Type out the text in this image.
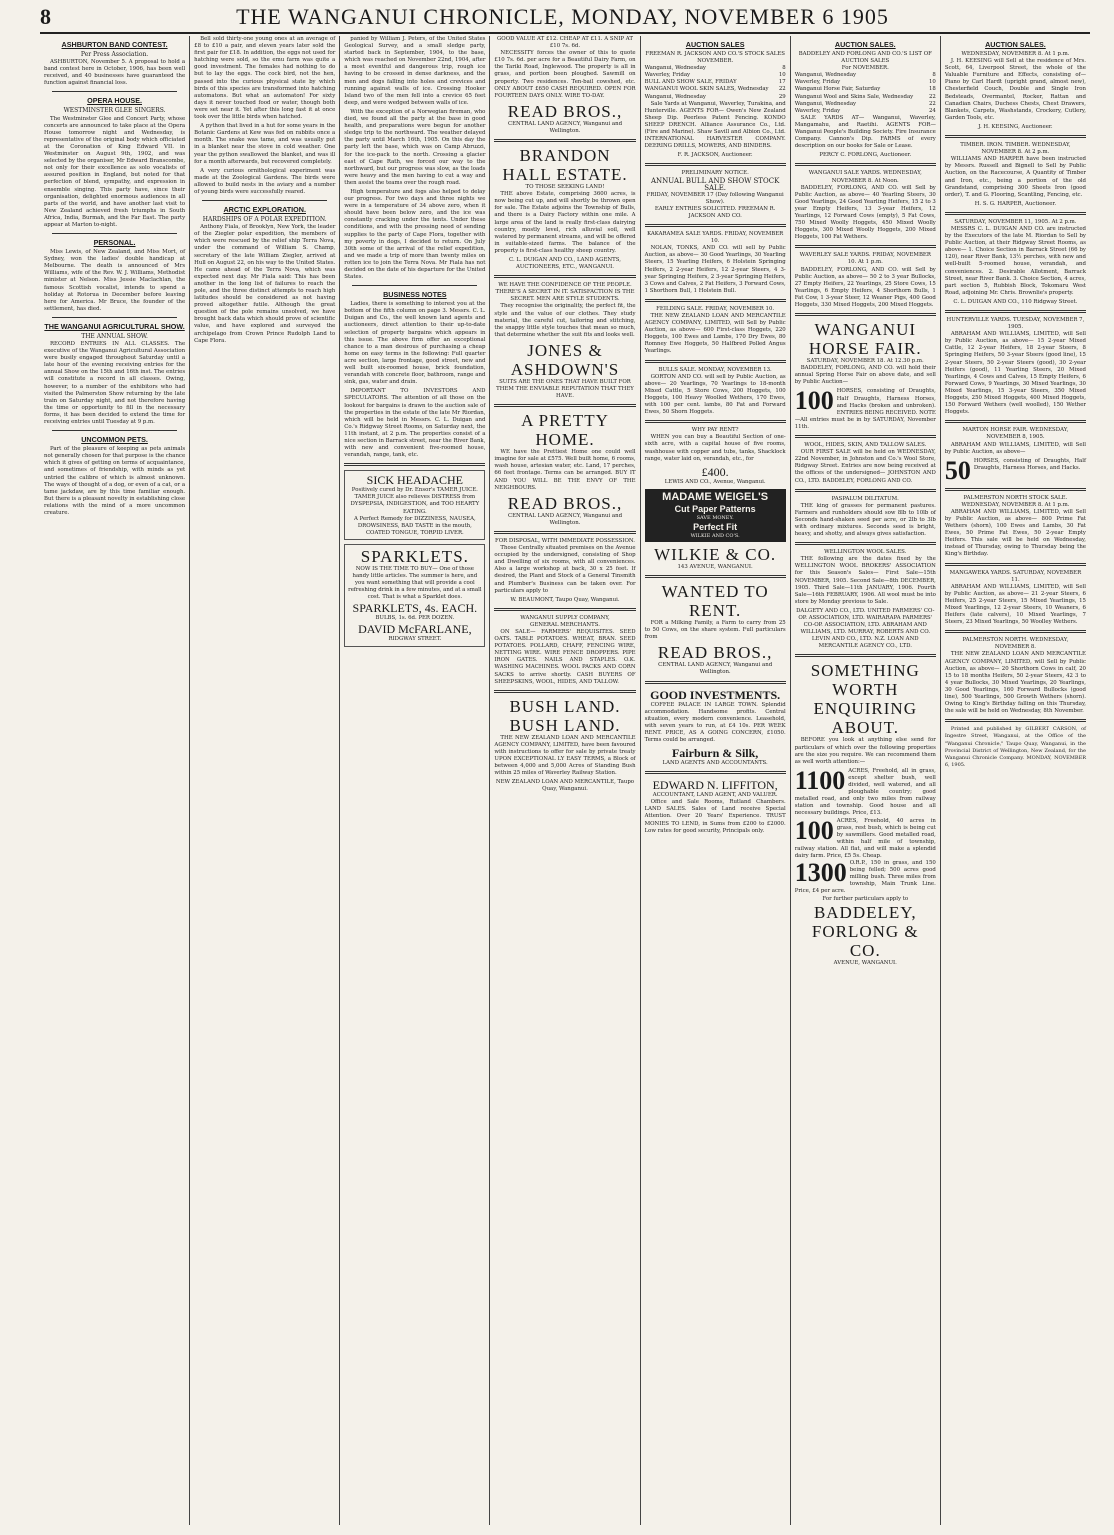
8	THE WANGANUI CHRONICLE, MONDAY, NOVEMBER 6 1905
ASHBURTON BAND CONTEST.
Per Press Association.

ASHBURTON, November 5. A proposal to hold a band contest here in October, 1906, has been well received, and 40 businesses have guaranteed the function against financial loss.

OPERA HOUSE.
WESTMINSTER GLEE SINGERS.

The Westminster Glee and Concert Party, whose concerts are announced to take place at the Opera House tomorrow night and Wednesday, is representative of the original body which officiated at the Coronation of King Edward VII. in Westminster on August 9th, 1902, and was selected by the organiser, Mr Edward Branscombe, not only for their excellence as solo vocalists of assured position in England, but noted for that perfection of blend, sympathy, and expression in ensemble singing. This party have, since their organisation, delighted enormous audiences in all parts of the world, and have another last visit to New Zealand achieved fresh triumphs in South Africa, India, Burmah, and the Far East. The party appear at Marton to-night.

PERSONAL.

Miss Lewis, of New Zealand, and Miss Mort, of Sydney, won the ladies' double handicap at Melbourne. The death is announced of Mrs Williams, wife of the Rev. W. J. Williams, Methodist minister at Nelson. Miss Jessie Maclachlan, the famous Scottish vocalist, intends to spend a holiday at Rotorua in December before leaving here for America. Mr Bruce, the founder of the settlement, has died.

THE WANGANUI AGRICULTURAL SHOW.
THE ANNUAL SHOW.

RECORD ENTRIES IN ALL CLASSES. The executive of the Wanganui Agricultural Association were busily engaged throughout Saturday until a late hour of the evening receiving entries for the annual Show on the 15th and 16th inst. The entries will constitute a record in all classes. Owing, however, to a number of the exhibitors who had visited the Palmerston Show returning by the late train on Saturday night, and not therefore having the time or opportunity to fill in the necessary forms, it has been decided to extend the time for receiving entries until Tuesday at 9 p.m.

UNCOMMON PETS.

Part of the pleasure of keeping as pets animals not generally chosen for that purpose is the chance which it gives of getting on terms of acquaintance, and sometimes of friendship, with minds as yet untried the calibre of which is almost unknown. The ways of thought of a dog, or even of a cat, or a tame jackdaw, are by this time familiar enough. But there is a pleasant novelty in establishing close relations with the mind of a more uncommon creature.

Bell sold thirty-one young ones at an average of £8 to £10 a pair, and eleven years later sold the first pair for £18. In addition, the eggs not used for hatching were sold, so the emu farm was quite a good investment. The females had nothing to do but to lay the eggs. The cock bird, not the hen, passed into the curious physical state by which birds of this species are transformed into hatching automatons. But what an automaton! For sixty days it never touched food or water, though both were set near it. Yet after this long fast it at once took over the little birds when hatched.

A python that lived in a hut for some years in the Botanic Gardens at Kew was fed on rabbits once a month. The snake was tame, and was usually put in a blanket near the stove in cold weather. One year the python swallowed the blanket, and was ill for a month afterwards, but recovered completely.

A very curious ornithological experiment was made at the Zoological Gardens. The birds were allowed to build nests in the aviary and a number of young birds were successfully reared.

ARCTIC EXPLORATION.
HARDSHIPS OF A POLAR EXPEDITION.

Anthony Fiala, of Brooklyn, New York, the leader of the Ziegler polar expedition, the members of which were rescued by the relief ship Terra Nova, under the command of William S. Champ, secretary of the late William Ziegler, arrived at Hull on August 22, on his way to the United States. He came ahead of the Terra Nova, which was expected next day. Mr Fiala said: This has been another in the long list of failures to reach the pole, and the three distinct attempts to reach high latitudes should be considered as not having proved altogether futile. Although the great question of the pole remains unsolved, we have brought back data which should prove of scientific value, and have explored and surveyed the archipelago from Crown Prince Rudolph Land to Cape Flora.

panied by William J. Peters, of the United States Geological Survey, and a small sledge party, started back in September, 1904, to the base, which was reached on November 22nd, 1904, after a most eventful and dangerous trip, rough ice having to be crossed in dense darkness, and the men and dogs falling into holes and crevices and running against walls of ice. Crossing Hooker Island two of the men fell into a crevice 65 feet deep, and were wedged between walls of ice.

With the exception of a Norwegian fireman, who died, we found all the party at the base in good health, and preparations were begun for another sledge trip to the northward. The weather delayed the party until March 16th, 1905. On this day the party left the base, which was on Camp Abruzzi, for the ice-pack to the north. Crossing a glacier east of Cape Rath, we forced our way to the northward, but our progress was slow, as the loads were heavy and the men having to cut a way and then assist the teams over the rough road.

High temperature and fogs also helped to delay our progress. For two days and three nights we were in a temperature of 34 above zero, when it should have been below zero, and the ice was constantly cracking under the tents. Under these conditions, and with the pressing need of sending supplies to the party of Cape Flora, together with my poverty in dogs, I decided to return. On July 30th some of the arrival of the relief expedition, and we made a trip of more than twenty miles on rotten ice to join the Terra Nova. Mr Fiala has not decided on the date of his departure for the United States.

BUSINESS NOTES

Ladies, there is something to interest you at the bottom of the fifth column on page 3. Messrs. C. L. Duigan and Co., the well known land agents and auctioneers, direct attention to their up-to-date selection of property bargains which appears in this issue. The above firm offer an exceptional chance to a man desirous of purchasing a cheap home on easy terms in the following: Full quarter acre section, large frontage, good street, new and well built six-roomed house, brick foundation, verandah with concrete floor, bathroom, range and sink, gas, water and drain.

IMPORTANT TO INVESTORS AND SPECULATORS. The attention of all those on the lookout for bargains is drawn to the auction sale of the properties in the estate of the late Mr Riordan, which will be held in Messrs. C. L. Duigan and Co.'s Ridgway Street Rooms, on Saturday next, the 11th instant, at 2 p.m. The properties consist of a nice section in Barrack street, near the River Bank, with new and convenient five-roomed house, verandah, range, tank, etc.

SICK HEADACHE
Positively cured by Dr. Ensor's TAMER JUICE. TAMER JUICE also relieves DISTRESS from DYSPEPSIA, INDIGESTION, and TOO HEARTY EATING.
A Perfect Remedy for DIZZINESS, NAUSEA, DROWSINESS, BAD TASTE in the mouth, COATED TONGUE, TORPID LIVER.
SPARKLETS.
NOW IS THE TIME TO BUY— One of those handy little articles. The summer is here, and you want something that will provide a cool refreshing drink in a few minutes, and at a small cost. That is what a Sparklet does.
SPARKLETS, 4s. EACH.
BULBS, 1s. 6d. PER DOZEN.
DAVID McFARLANE,
RIDGWAY STREET.
GOOD VALUE AT £12. CHEAP AT £11. A SNIP AT £10 7s. 6d.

NECESSITY forces the owner of this to quote £10 7s. 6d. per acre for a Beautiful Dairy Farm, on the Tariki Road, Inglewood. The property is all in grass, and portion been ploughed. Sawmill on property. Two residences. Ten-bail cowshed, etc. ONLY ABOUT £650 CASH REQUIRED. OPEN FOR FOURTEEN DAYS ONLY. WIRE TO-DAY.

READ BROS.,
CENTRAL LAND AGENCY, Wanganui and Wellington.
BRANDON HALL ESTATE.
TO THOSE SEEKING LAND!

THE above Estate, comprising 3600 acres, is now being cut up, and will shortly be thrown open for sale. The Estate adjoins the Township of Bulls, and there is a Dairy Factory within one mile. A large area of the land is really first-class dairying country, mostly level, rich alluvial soil, well watered by permanent streams, and will be offered in suitable-sized farms. The balance of the property is first-class healthy sheep country.

C. L. DUIGAN AND CO., LAND AGENTS, AUCTIONEERS, ETC., WANGANUI.
WE HAVE THE CONFIDENCE OF THE PEOPLE.
THERE'S A SECRET IN IT. SATISFACTION IS THE SECRET. MEN ARE STYLE STUDENTS.

They recognise the originality, the perfect fit, the style and the value of our clothes. They study material, the careful cut, tailoring and stitching, the snappy little style touches that mean so much, that determine whether the suit fits and looks well.

JONES & ASHDOWN'S
SUITS ARE THE ONES THAT HAVE BUILT FOR THEM THE ENVIABLE REPUTATION THAT THEY HAVE.
A PRETTY HOME.

WE have the Prettiest Home one could well imagine for sale at £575. Well built home, 6 rooms, wash house, artesian water, etc. Land, 17 perches, 66 feet frontage. Terms can be arranged. BUY IT AND YOU WILL BE THE ENVY OF THE NEIGHBOURS.

READ BROS.,
CENTRAL LAND AGENCY, Wanganui and Wellington.
FOR DISPOSAL, WITH IMMEDIATE POSSESSION.

Those Centrally situated premises on the Avenue occupied by the undersigned, consisting of Shop and Dwelling of six rooms, with all conveniences. Also a large workshop at back, 30 x 25 feet. If desired, the Plant and Stock of a General Tinsmith and Plumber's Business can be taken over. For particulars apply to

W. BEAUMONT, Taupo Quay, Wanganui.
WANGANUI SUPPLY COMPANY,
GENERAL MERCHANTS.

ON SALE— FARMERS' REQUISITES. SEED OATS. TABLE POTATOES. WHEAT, BRAN. SEED POTATOES. POLLARD, CHAFF, FENCING WIRE, NETTING WIRE. WIRE FENCE DROPPERS. PIPE IRON GATES. NAILS AND STAPLES. O.K. WASHING MACHINES. WOOL PACKS AND CORN SACKS to arrive shortly. CASH BUYERS OF SHEEPSKINS, WOOL, HIDES, AND TALLOW.

BUSH LAND. BUSH LAND.

THE NEW ZEALAND LOAN AND MERCANTILE AGENCY COMPANY, LIMITED, have been favoured with instructions to offer for sale by private treaty UPON EXCEPTIONAL LY EASY TERMS, a Block of between 4,000 and 5,000 Acres of Standing Bush within 25 miles of Waverley Railway Station.

NEW ZEALAND LOAN AND MERCANTILE, Taupo Quay, Wanganui.
AUCTION SALES
FREEMAN R. JACKSON AND CO.'S STOCK SALES
NOVEMBER.
Wanganui, Wednesday	8
Waverley, Friday	10
BULL AND SHOW SALE, FRIDAY	17
WANGANUI WOOL SKIN SALES, Wednesday 22
Wanganui, Wednesday	29

Sale Yards at Wanganui, Waverley, Turakina, and Hunterville. AGENTS FOR— Owen's New Zealand Sheep Dip. Peerless Patent Fencing. KONDO SHEEP DRENCH. Alliance Assurance Co., Ltd. (Fire and Marine). Shaw Savill and Albion Co., Ltd. INTERNATIONAL HARVESTER COMPANY. DEERING DRILLS, MOWERS, AND BINDERS.

F. R. JACKSON, Auctioneer.
PRELIMINARY NOTICE.
ANNUAL BULL AND SHOW STOCK SALE.
FRIDAY, NOVEMBER 17 (Day following Wanganui Show).
EARLY ENTRIES SOLICITED. FREEMAN R. JACKSON AND CO.
KAKARAMEA SALE YARDS. FRIDAY, NOVEMBER 10.

NOLAN, TONKS, AND CO. will sell by Public Auction, as above— 30 Good Yearlings, 30 Yearling Steers, 15 Yearling Heifers, 6 Holstein Springing Heifers, 2 2-year Heifers, 12 2-year Steers, 4 3-year Springing Heifers, 2 3-year Springing Heifers, 3 Cows and Calves, 2 Fat Heifers, 3 Forward Cows, 1 Shorthorn Bull, 1 Holstein Bull.

FEILDING SALE. FRIDAY, NOVEMBER 10.

THE NEW ZEALAND LOAN AND MERCANTILE AGENCY COMPANY, LIMITED, will Sell by Public Auction, as above— 600 First-class Hoggets, 220 Hoggets, 100 Ewes and Lambs, 170 Dry Ewes, 80 Romney Ewe Hoggets, 50 Halfbred Polled Angus Yearlings.

BULLS SALE. MONDAY, NOVEMBER 13.

GORTON AND CO. will sell by Public Auction, as above— 20 Yearlings, 70 Yearlings to 18-month Mixed Cattle, 5 Store Cows, 200 Hoggets, 100 Hoggets, 100 Heavy Woolled Wethers, 170 Ewes, with 100 per cent. lambs, 80 Fat and Forward Ewes, 50 Shorn Hoggets.

WHY PAY RENT?

WHEN you can buy a Beautiful Section of one-sixth acre, with a capital house of five rooms, washhouse with copper and tubs, tanks, Shacklock range, water laid on, verandah, etc., for

£400.
LEWIS AND CO., Avenue, Wanganui.
MADAME WEIGEL'S
Cut Paper Patterns
SAVE MONEY.
Perfect Fit
WILKIE AND CO'S.
WILKIE & CO.
143 AVENUE, WANGANUI.
WANTED TO RENT.

FOR a Milking Family, a Farm to carry from 25 to 50 Cows, on the share system. Full particulars from

READ BROS.,
CENTRAL LAND AGENCY, Wanganui and Wellington.
GOOD INVESTMENTS.

COFFEE PALACE IN LARGE TOWN. Splendid accommodation. Handsome profits. Central situation, every modern convenience. Leasehold, with seven years to run, at £4 10s. PER WEEK RENT. PRICE, AS A GOING CONCERN, £1050. Terms could be arranged.

Fairburn & Silk,
LAND AGENTS AND ACCOUNTANTS.
EDWARD N. LIFFITON,
ACCOUNTANT, LAND AGENT, AND VALUER.

Office and Sale Rooms, Rutland Chambers. LAND SALES. Sales of Land receive Special Attention. Over 20 Years' Experience. TRUST MONIES TO LEND, in Sums from £200 to £2000. Low rates for good security, Principals only.

AUCTION SALES.
BADDELEY AND FORLONG AND CO.'S LIST OF AUCTION SALES
For NOVEMBER.
Wanganui, Wednesday	8
Waverley, Friday	10
Wanganui Horse Fair, Saturday	18
Wanganui Wool and Skins Sale, Wednesday	22
Wanganui, Wednesday	22
Waverley, Friday	24

SALE YARDS AT— Wanganui, Waverley, Mangamahu, and Raetihi. AGENTS FOR— Wanganui People's Building Society. Fire Insurance Company. Cannon's Dip. FARMS of every description on our books for Sale or Lease.

PERCY C. FORLONG, Auctioneer.
WANGANUI SALE YARDS. WEDNESDAY, NOVEMBER 8. At Noon.

BADDELEY, FORLONG, AND CO. will Sell by Public Auction, as above— 40 Yearling Steers, 30 Good Yearlings, 24 Good Yearling Heifers, 15 2 to 3 year Empty Heifers, 13 3-year Heifers, 12 Yearlings, 12 Forward Cows (empty), 5 Fat Cows, 750 Mixed Woolly Hoggets, 450 Mixed Woolly Hoggets, 300 Mixed Woolly Hoggets, 200 Mixed Hoggets, 100 Fat Wethers.

WAVERLEY SALE YARDS. FRIDAY, NOVEMBER 10. At 1 p.m.

BADDELEY, FORLONG, AND CO. will Sell by Public Auction, as above— 50 2 to 3 year Bullocks, 27 Empty Heifers, 22 Yearlings, 25 Store Cows, 15 Yearlings, 6 Empty Heifers, 4 Shorthorn Bulls, 1 Fat Cow, 1 3-year Steer, 12 Weaner Pigs, 400 Good Hoggets, 330 Mixed Hoggets, 200 Mixed Hoggets.

WANGANUI HORSE FAIR.
SATURDAY, NOVEMBER 18. At 12.30 p.m.

BADDELEY, FORLONG, AND CO. will hold their annual Spring Horse Fair on above date, and sell by Public Auction—

100 HORSES, consisting of Draughts, Half Draughts, Harness Horses, and Hacks (broken and unbroken). ENTRIES BEING RECEIVED. NOTE—All entries must be in by SATURDAY, November 11th.
WOOL, HIDES, SKIN, AND TALLOW SALES.

OUR FIRST SALE will be held on WEDNESDAY, 22nd November, in Johnston and Co.'s Wool Store, Ridgway Street. Entries are now being received at the offices of the undersigned— JOHNSTON AND CO., LTD. BADDELEY, FORLONG AND CO.

PASPALUM DILITATUM.

THE king of grasses for permanent pastures. Farmers and runholders should sow 8lb to 10lb of Seconds hand-shaken seed per acre, or 2lb to 3lb with ordinary mixtures. Seconds seed is bright, heavy, and shotty, and always gives satisfaction.

WELLINGTON WOOL SALES.

THE following are the dates fixed by the WELLINGTON WOOL BROKERS' ASSOCIATION for this Season's Sales— First Sale—15th NOVEMBER, 1905. Second Sale—8th DECEMBER, 1905. Third Sale—11th JANUARY, 1906. Fourth Sale—16th FEBRUARY, 1906. All wool must be into store by Monday previous to Sale.

DALGETY AND CO., LTD. UNITED FARMERS' CO-OP. ASSOCIATION, LTD. WAIRARAPA FARMERS' CO-OP. ASSOCIATION, LTD. ABRAHAM AND WILLIAMS, LTD. MURRAY, ROBERTS AND CO. LEVIN AND CO., LTD. N.Z. LOAN AND MERCANTILE AGENCY CO., LTD.
SOMETHING
WORTH
ENQUIRING
ABOUT.

BEFORE you look at anything else send for particulars of which over the following properties are the size you require. We can recommend them as well worth attention:—

1100 ACRES, Freehold, all in grass, except shelter bush, well divided, well watered, and all ploughable country; good metalled road, and only two miles from railway station and township. Good house and all necessary buildings. Price, £13.
100 ACRES, Freehold, 40 acres in grass, rest bush, which is being cut by sawmillers. Good metalled road, within half mile of township, railway station. All flat, and will make a splendid dairy farm. Price, £5 5s. Cheap.
1300 O.R.P., 150 in grass, and 150 being felled; 500 acres good milling bush. Three miles from township, Main Trunk Line. Price, £4 per acre.
For further particulars apply to
BADDELEY,
FORLONG & CO.
AVENUE, WANGANUI.
AUCTION SALES.
WEDNESDAY, NOVEMBER 8. At 1 p.m.

J. H. KEESING will Sell at the residence of Mrs. Scott, 64, Liverpool Street, the whole of the Valuable Furniture and Effects, consisting of— Piano by Carl Hardt (upright grand, almost new), Chesterfield Couch, Double and Single Iron Bedsteads, Overmantel, Rocker, Rattan and Canadian Chairs, Duchess Chests, Chest Drawers, Blankets, Carpets, Washstands, Crockery, Cutlery, Garden Tools, etc.

J. H. KEESING, Auctioneer.
TIMBER. IRON. TIMBER. WEDNESDAY, NOVEMBER 8. At 2 p.m.

WILLIAMS AND HARPER have been instructed by Messrs. Russell and Bignell to Sell by Public Auction, on the Racecourse, A Quantity of Timber and Iron, etc., being a portion of the old Grandstand, comprising 300 Sheets Iron (good order), T. and G. Flooring, Scantling, Fencing, etc.

H. S. G. HARPER, Auctioneer.
SATURDAY, NOVEMBER 11, 1905. At 2 p.m.

MESSRS C. L. DUIGAN AND CO. are instructed by the Executors of the late M. Riordan to Sell by Public Auction, at their Ridgway Street Rooms, as above— 1. Choice Section in Barrack Street (66 by 120), near River Bank, 13½ perches, with new and well-built 5-roomed house, verandah, and conveniences. 2. Desirable Allotment, Barrack Street, near River Bank. 3. Choice Section, 4 acres, part section 5, Rubbish Block, Tokomaru West Road, adjoining Mr. Chris. Brownlie's property.

C. L. DUIGAN AND CO., 110 Ridgway Street.
HUNTERVILLE YARDS. TUESDAY, NOVEMBER 7, 1905.

ABRAHAM AND WILLIAMS, LIMITED, will Sell by Public Auction, as above— 15 2-year Mixed Cattle, 12 2-year Heifers, 18 2-year Steers, 8 Springing Heifers, 50 3-year Steers (good line), 15 2-year Steers, 50 2-year Steers (good), 30 2-year Heifers (good), 11 Yearling Steers, 20 Mixed Yearlings, 4 Cows and Calves, 15 Empty Heifers, 6 Forward Cows, 9 Yearlings, 30 Mixed Yearlings, 30 Mixed Yearlings, 15 3-year Steers, 350 Mixed Hoggets, 250 Mixed Hoggets, 400 Mixed Hoggets, 150 Forward Wethers (well woolled), 150 Wether Hoggets.

MARTON HORSE FAIR. WEDNESDAY, NOVEMBER 8, 1905.

ABRAHAM AND WILLIAMS, LIMITED, will Sell by Public Auction, as above—

50 HORSES, consisting of Draughts, Half Draughts, Harness Horses, and Hacks.
PALMERSTON NORTH STOCK SALE. WEDNESDAY, NOVEMBER 8. At 1 p.m.

ABRAHAM AND WILLIAMS, LIMITED, will Sell by Public Auction, as above— 800 Prime Fat Wethers (shorn), 100 Ewes and Lambs, 30 Fat Ewes, 50 Prime Fat Ewes, 50 2-year Empty Heifers. This sale will be held on Wednesday, instead of Thursday, owing to Thursday being the King's Birthday.

MANGAWEKA YARDS. SATURDAY, NOVEMBER 11.

ABRAHAM AND WILLIAMS, LIMITED, will Sell by Public Auction, as above— 21 2-year Steers, 6 Heifers, 25 2-year Steers, 15 Mixed Yearlings, 15 Mixed Yearlings, 12 2-year Steers, 10 Weaners, 6 Heifers (late calvers), 10 Mixed Yearlings, 7 Steers, 23 Mixed Yearlings, 50 Woolley Wethers.

PALMERSTON NORTH. WEDNESDAY, NOVEMBER 8.

THE NEW ZEALAND LOAN AND MERCANTILE AGENCY COMPANY, LIMITED, will Sell by Public Auction, as above— 20 Shorthorn Cows in calf, 20 15 to 18 months Heifers, 50 2-year Steers, 42 3 to 4 year Bullocks, 30 Mixed Yearlings, 20 Yearlings, 30 Good Yearlings, 160 Forward Bullocks (good line), 500 Yearlings, 500 Growth Wethers (shorn). Owing to King's Birthday falling on this Thursday, the sale will be held on Wednesday, 8th November.

Printed and published by GILBERT CARSON, of Ingestre Street, Wanganui, at the Office of the "Wanganui Chronicle," Taupo Quay, Wanganui, in the Provincial District of Wellington, New Zealand, for the Wanganui Chronicle Company. MONDAY, NOVEMBER 6, 1905.
